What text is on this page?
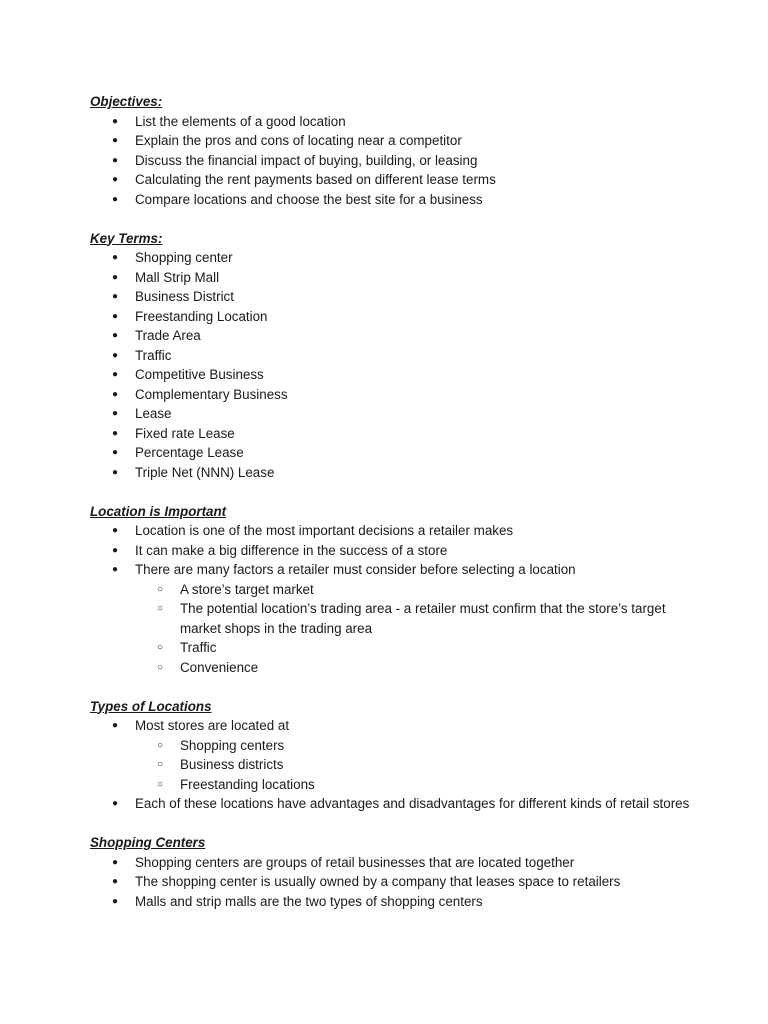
Objectives:

● List the elements of a good location
● Explain the pros and cons of locating near a competitor
● Discuss the financial impact of buying, building, or leasing
● Calculating the rent payments based on different lease terms
● Compare locations and choose the best site for a business

Key Terms:

● Shopping center
● Mall Strip Mall
● Business District
● Freestanding Location
● Trade Area
● Traffic
● Competitive Business
● Complementary Business
● Lease
● Fixed rate Lease
● Percentage Lease
● Triple Net (NNN) Lease

Location is Important

● Location is one of the most important decisions a retailer makes
● It can make a big difference in the success of a store
● There are many factors a retailer must consider before selecting a location
○ A store’s target market
○ The potential location’s trading area - a retailer must confirm that the store’s target market shops in the trading area
○ Traffic
○ Convenience

Types of Locations

● Most stores are located at
○ Shopping centers
○ Business districts
○ Freestanding locations
● Each of these locations have advantages and disadvantages for different kinds of retail stores

Shopping Centers

● Shopping centers are groups of retail businesses that are located together
● The shopping center is usually owned by a company that leases space to retailers
● Malls and strip malls are the two types of shopping centers
